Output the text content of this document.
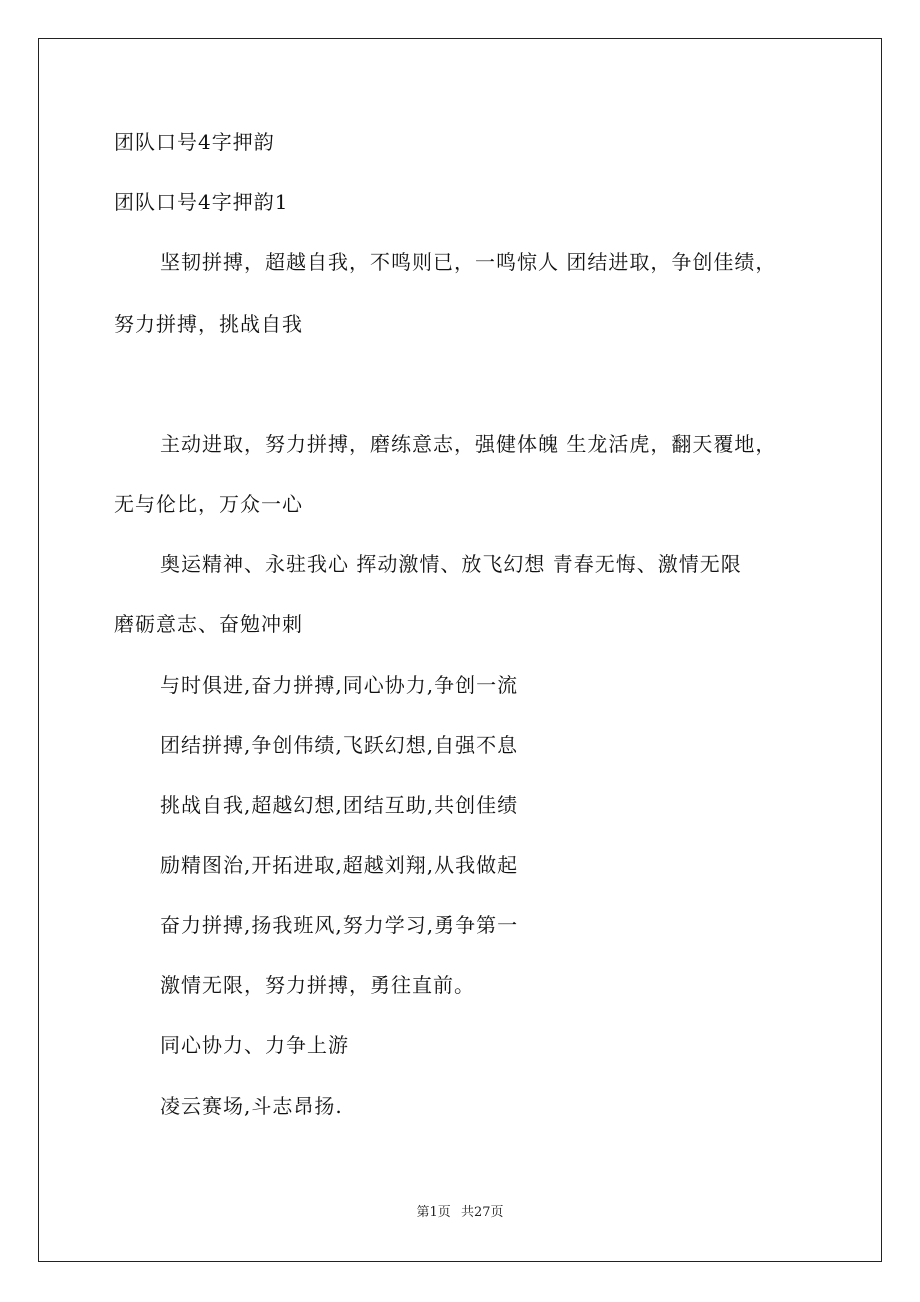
团队口号4字押韵
团队口号4字押韵1
坚韧拼搏，超越自我，不鸣则已，一鸣惊人 团结进取，争创佳绩，
努力拼搏，挑战自我
主动进取，努力拼搏，磨练意志，强健体魄 生龙活虎，翻天覆地，
无与伦比，万众一心
奥运精神、永驻我心 挥动激情、放飞幻想 青春无悔、激情无限
磨砺意志、奋勉冲刺
与时俱进,奋力拼搏,同心协力,争创一流
团结拼搏,争创伟绩,飞跃幻想,自强不息
挑战自我,超越幻想,团结互助,共创佳绩
励精图治,开拓进取,超越刘翔,从我做起
奋力拼搏,扬我班风,努力学习,勇争第一
激情无限，努力拼搏，勇往直前。
同心协力、力争上游
凌云赛场,斗志昂扬.
第1页 共27页
